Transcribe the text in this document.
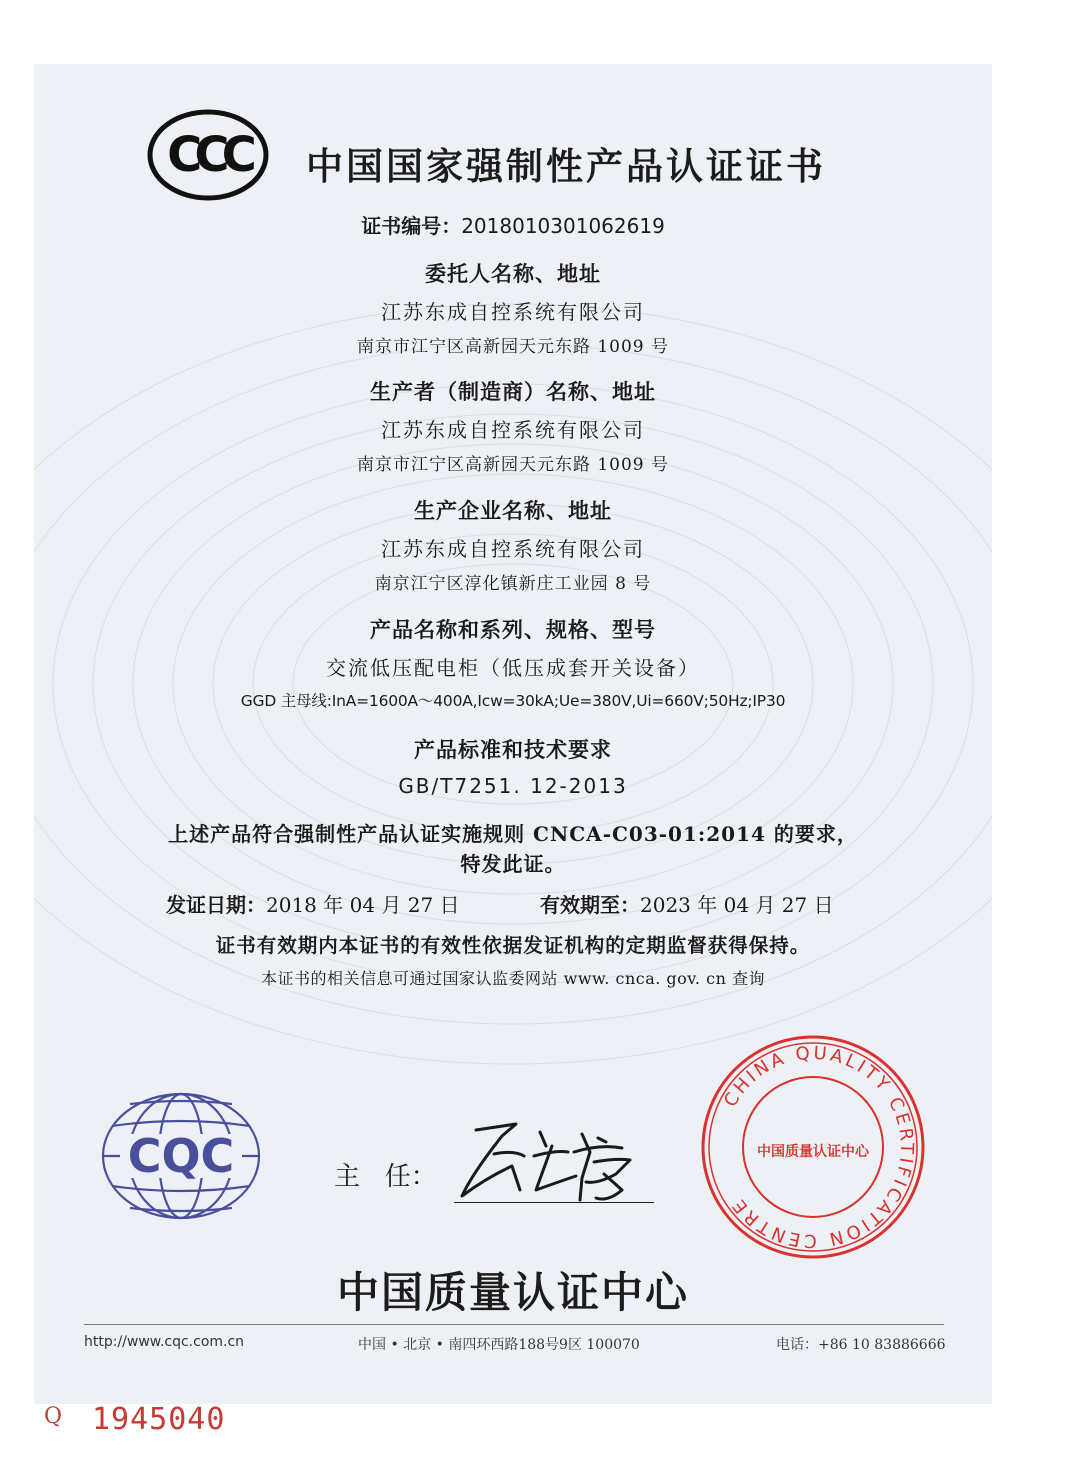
CCC 中国国家强制性产品认证证书
证书编号：2018010301062619
委托人名称、地址
江苏东成自控系统有限公司
南京市江宁区高新园天元东路 1009 号
生产者（制造商）名称、地址
江苏东成自控系统有限公司
南京市江宁区高新园天元东路 1009 号
生产企业名称、地址
江苏东成自控系统有限公司
南京江宁区淳化镇新庄工业园 8 号
产品名称和系列、规格、型号
交流低压配电柜（低压成套开关设备）
GGD 主母线:InA=1600A～400A,Icw=30kA;Ue=380V,Ui=660V;50Hz;IP30
产品标准和技术要求
GB/T7251. 12-2013
上述产品符合强制性产品认证实施规则 CNCA-C03-01:2014 的要求，
特发此证。
发证日期：2018 年 04 月 27 日	有效期至：2023 年 04 月 27 日
证书有效期内本证书的有效性依据发证机构的定期监督获得保持。
本证书的相关信息可通过国家认监委网站 www. cnca. gov. cn 查询
CQC	主   任：
CHINA QUALITY CERTIFICATION CENTRE
中国质量认证中心
中国质量认证中心
http://www.cqc.com.cn	中国 • 北京 • 南四环西路188号9区 100070	电话：+86 10 83886666
Q 1945040
